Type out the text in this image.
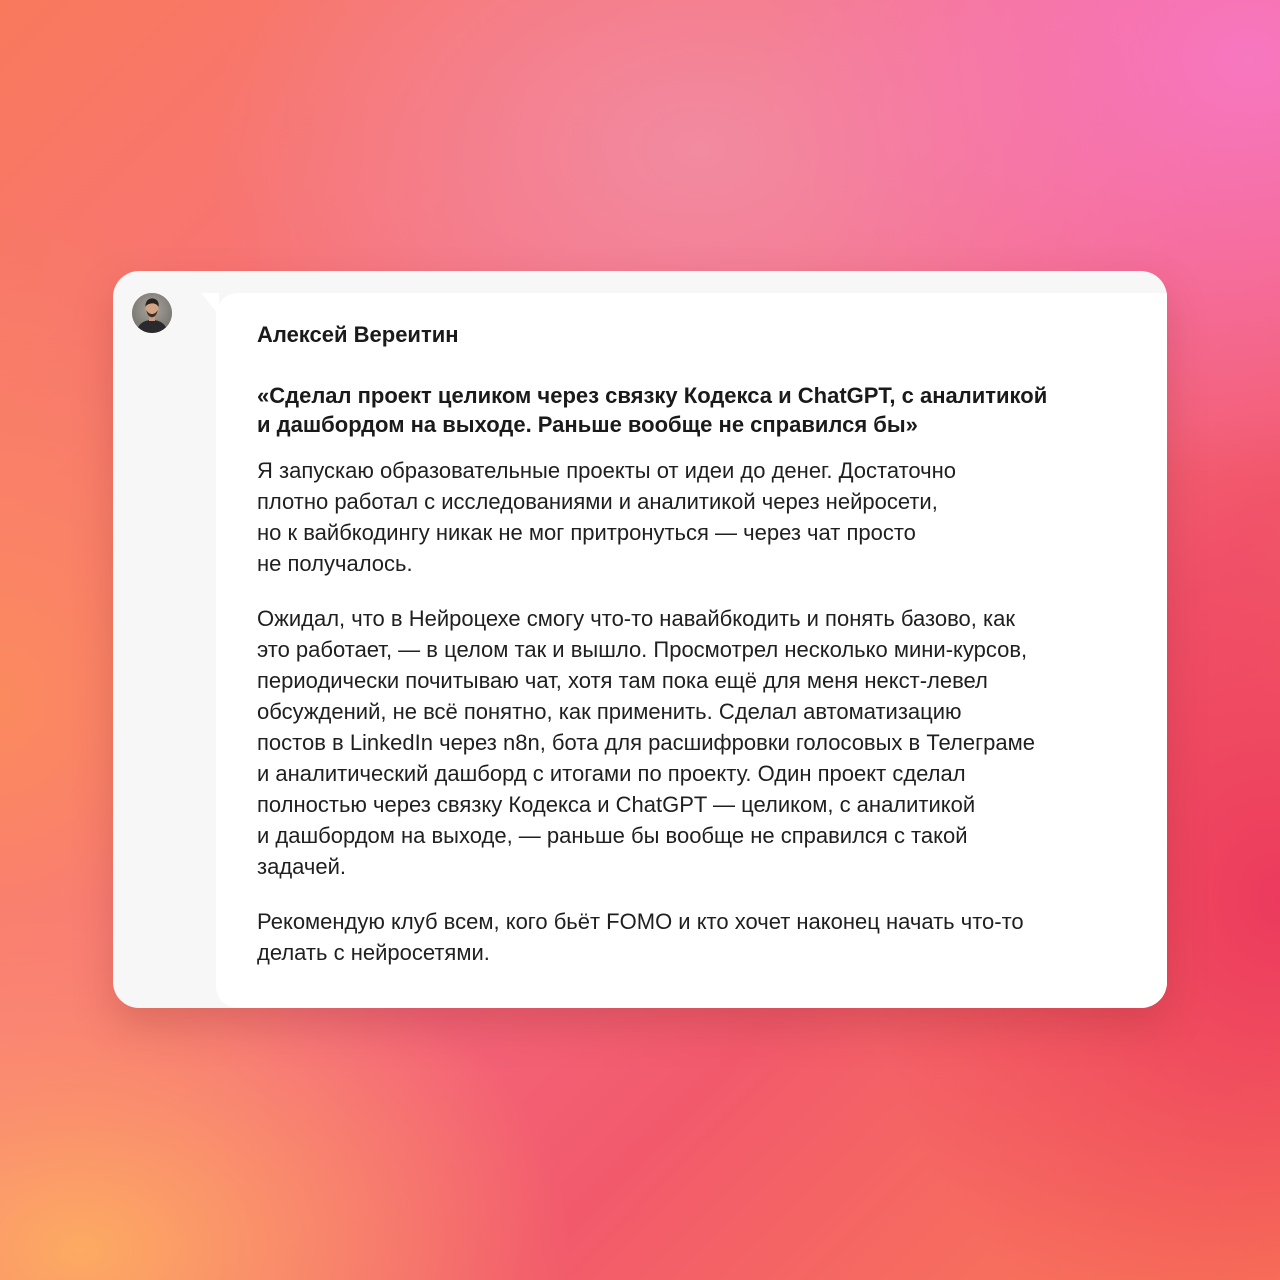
Алексей Вереитин

«Сделал проект целиком через связку Кодекса и ChatGPT, с аналитикой
и дашбордом на выходе. Раньше вообще не справился бы»

Я запускаю образовательные проекты от идеи до денег. Достаточно
плотно работал с исследованиями и аналитикой через нейросети,
но к вайбкодингу никак не мог притронуться — через чат просто
не получалось.

Ожидал, что в Нейроцехе смогу что-то навайбкодить и понять базово, как
это работает, — в целом так и вышло. Просмотрел несколько мини-курсов,
периодически почитываю чат, хотя там пока ещё для меня некст-левел
обсуждений, не всё понятно, как применить. Сделал автоматизацию
постов в LinkedIn через n8n, бота для расшифровки голосовых в Телеграме
и аналитический дашборд с итогами по проекту. Один проект сделал
полностью через связку Кодекса и ChatGPT — целиком, с аналитикой
и дашбордом на выходе, — раньше бы вообще не справился с такой
задачей.

Рекомендую клуб всем, кого бьёт FOMO и кто хочет наконец начать что-то
делать с нейросетями.
